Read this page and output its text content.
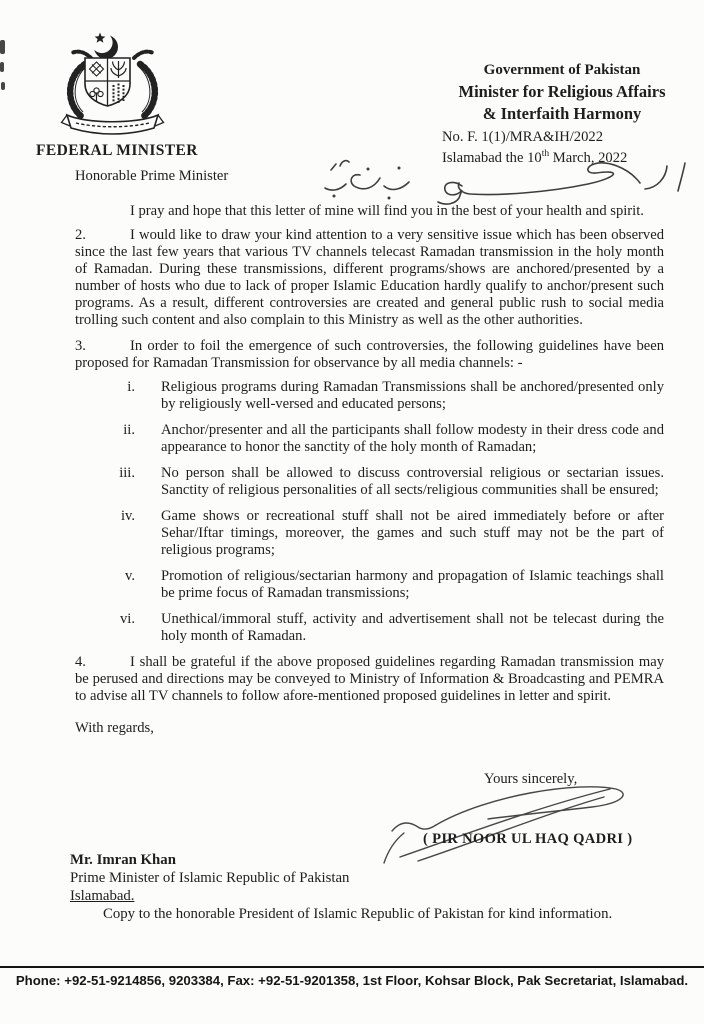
FEDERAL MINISTER
Government of Pakistan
Minister for Religious Affairs
& Interfaith Harmony
No. F. 1(1)/MRA&IH/2022
Islamabad the 10th March, 2022

Honorable Prime Minister

I pray and hope that this letter of mine will find you in the best of your health and spirit.

2.	I would like to draw your kind attention to a very sensitive issue which has been observed since the last few years that various TV channels telecast Ramadan transmission in the holy month of Ramadan. During these transmissions, different programs/shows are anchored/presented by a number of hosts who due to lack of proper Islamic Education hardly qualify to anchor/present such programs. As a result, different controversies are created and general public rush to social media trolling such content and also complain to this Ministry as well as the other authorities.

3.	In order to foil the emergence of such controversies, the following guidelines have been proposed for Ramadan Transmission for observance by all media channels: -

i. Religious programs during Ramadan Transmissions shall be anchored/presented only by religiously well-versed and educated persons;
ii. Anchor/presenter and all the participants shall follow modesty in their dress code and appearance to honor the sanctity of the holy month of Ramadan;
iii. No person shall be allowed to discuss controversial religious or sectarian issues. Sanctity of religious personalities of all sects/religious communities shall be ensured;
iv. Game shows or recreational stuff shall not be aired immediately before or after Sehar/Iftar timings, moreover, the games and such stuff may not be the part of religious programs;
v. Promotion of religious/sectarian harmony and propagation of Islamic teachings shall be prime focus of Ramadan transmissions;
vi. Unethical/immoral stuff, activity and advertisement shall not be telecast during the holy month of Ramadan.

4.	I shall be grateful if the above proposed guidelines regarding Ramadan transmission may be perused and directions may be conveyed to Ministry of Information & Broadcasting and PEMRA to advise all TV channels to follow afore-mentioned proposed guidelines in letter and spirit.

With regards,

Yours sincerely,
( PIR NOOR UL HAQ QADRI )
Mr. Imran Khan
Prime Minister of Islamic Republic of Pakistan
Islamabad.
Copy to the honorable President of Islamic Republic of Pakistan for kind information.
Phone: +92-51-9214856, 9203384, Fax: +92-51-9201358, 1st Floor, Kohsar Block, Pak Secretariat, Islamabad.
